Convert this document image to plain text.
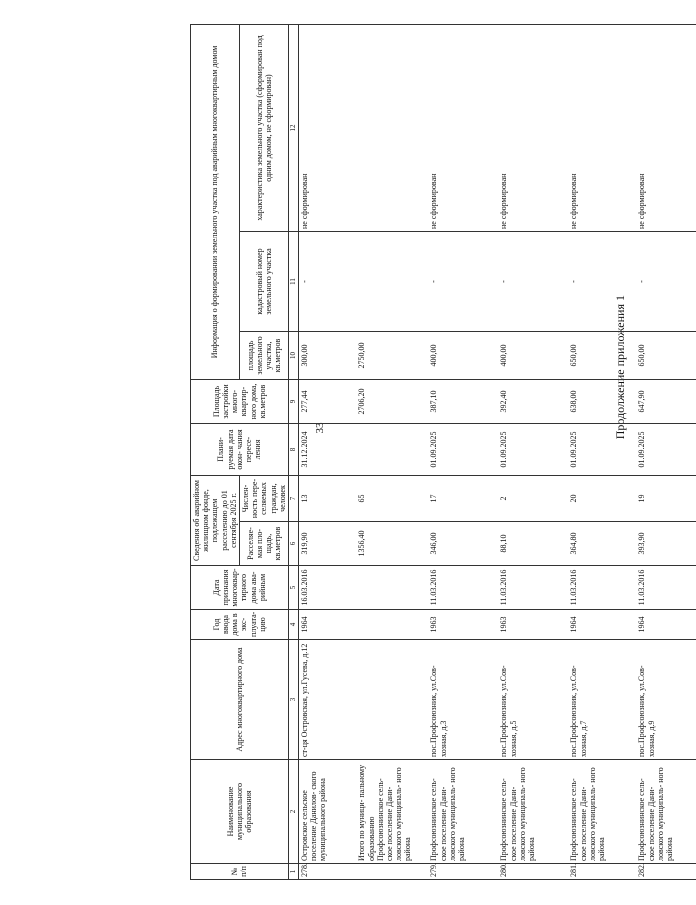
33	Продолжение приложения 1
№ п/п	Наименование муниципального образования	Адрес многоквартирного дома	Год ввода дома в экс- плуата- цию	Дата признания многоквар- тирного дома ава- рийным	Сведения об аварийном жилищном фонде, подлежащем расселению до 01 сентября 2025 г.		Плани- руемая дата окон- чания пересе- ления	Площадь застройки много- квартир- ного дома, кв.метров	Информация о формировании земельного участка под аварийным многоквартирным домом		
					Расселяе- мая пло- щадь, кв.метров	Числен- ность пере- селяемых граждан, человек			площадь земельного участка, кв.метров	кадастровый номер земельного участка	характеристика земельного участка (сформирован под одним домом, не сформирован)
1	2	3	4	5	6	7	8	9	10	11	12
278.	Островское сельское поселение Данилов- ского муниципального района	ст-ця Островская, ул.Гусева, д.12	1964	16.03.2016	319,90	13	31.12.2024	277,44	300,00	-	не сформирован
	Итого по муници- пальному образованию Профсоюзнинское сель- ское поселение Дани- ловского муниципаль- ного района				1356,40	65		2706,20	2750,00		
279.	Профсоюзнинское сель- ское поселение Дани- ловского муниципаль- ного района	пос.Профсоюзник, ул.Сов- хозная, д.3	1963	11.03.2016	346,00	17	01.09.2025	387,10	400,00	-	не сформирован
280.	Профсоюзнинское сель- ское поселение Дани- ловского муниципаль- ного района	пос.Профсоюзник, ул.Сов- хозная, д.5	1963	11.03.2016	88,10	2	01.09.2025	392,40	400,00	-	не сформирован
281.	Профсоюзнинское сель- ское поселение Дани- ловского муниципаль- ного района	пос.Профсоюзник, ул.Сов- хозная, д.7	1964	11.03.2016	364,80	20	01.09.2025	638,00	650,00	-	не сформирован
282.	Профсоюзнинское сель- ское поселение Дани- ловского муниципаль- ного района	пос.Профсоюзник, ул.Сов- хозная, д.9	1964	11.03.2016	393,90	19	01.09.2025	647,90	650,00	-	не сформирован
